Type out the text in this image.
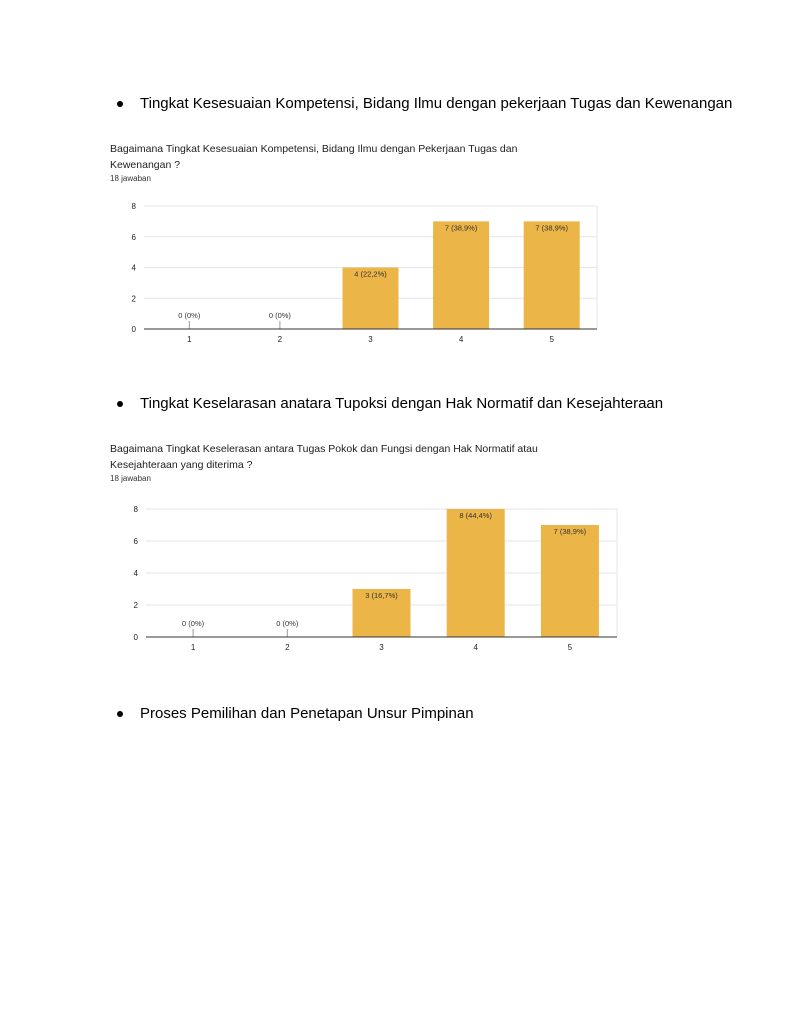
Tingkat Kesesuaian Kompetensi, Bidang Ilmu dengan pekerjaan Tugas dan Kewenangan
Bagaimana Tingkat Kesesuaian Kompetensi, Bidang Ilmu dengan Pekerjaan Tugas dan
Kewenangan ?
18 jawaban
0
2
4
6
8
0 (0%)
1
0 (0%)
2
4 (22,2%)
3
7 (38,9%)
4
7 (38,9%)
5
Tingkat Keselarasan anatara Tupoksi dengan Hak Normatif dan Kesejahteraan
Bagaimana Tingkat Keselerasan antara Tugas Pokok dan Fungsi dengan Hak Normatif atau
Kesejahteraan yang diterima ?
18 jawaban
0
2
4
6
8
0 (0%)
1
0 (0%)
2
3 (16,7%)
3
8 (44,4%)
4
7 (38,9%)
5
Proses Pemilihan dan Penetapan Unsur Pimpinan
